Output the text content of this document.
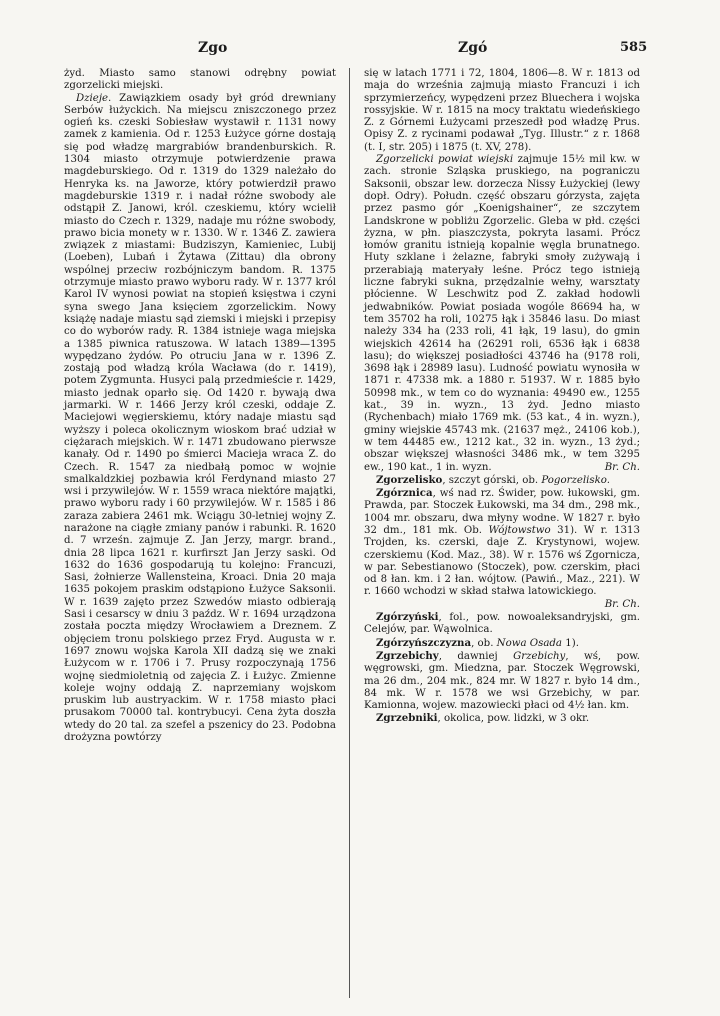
Zgo	Zgó	585

żyd. Miasto samo stanowi odrębny powiat zgorzelicki miejski.

Dzieje. Zawiązkiem osady był gród drewniany Serbów łużyckich. Na miejscu zniszczonego przez ogień ks. czeski Sobiesław wystawił r. 1131 nowy zamek z kamienia. Od r. 1253 Łużyce górne dostają się pod władzę margrabiów brandenburskich. R. 1304 miasto otrzymuje potwierdzenie prawa magdeburskiego. Od r. 1319 do 1329 należało do Henryka ks. na Jaworze, który potwierdził prawo magdeburskie 1319 r. i nadał różne swobody ale odstąpił Z. Janowi, król. czeskiemu, który wcielił miasto do Czech r. 1329, nadaje mu różne swobody, prawo bicia monety w r. 1330. W r. 1346 Z. zawiera związek z miastami: Budziszyn, Kamieniec, Lubij (Loeben), Lubań i Żytawa (Zittau) dla obrony wspólnej przeciw rozbójniczym bandom. R. 1375 otrzymuje miasto prawo wyboru rady. W r. 1377 król Karol IV wynosi powiat na stopień księstwa i czyni syna swego Jana księciem zgorzelickim. Nowy książę nadaje miastu sąd ziemski i miejski i przepisy co do wyborów rady. R. 1384 istnieje waga miejska a 1385 piwnica ratuszowa. W latach 1389—1395 wypędzano żydów. Po otruciu Jana w r. 1396 Z. zostają pod władzą króla Wacława (do r. 1419), potem Zygmunta. Husyci palą przedmieście r. 1429, miasto jednak oparło się. Od 1420 r. bywają dwa jarmarki. W r. 1466 Jerzy król czeski, oddaje Z. Maciejowi węgierskiemu, który nadaje miastu sąd wyższy i poleca okolicznym wioskom brać udział w ciężarach miejskich. W r. 1471 zbudowano pierwsze kanały. Od r. 1490 po śmierci Macieja wraca Z. do Czech. R. 1547 za niedbałą pomoc w wojnie smalkaldzkiej pozbawia król Ferdynand miasto 27 wsi i przywilejów. W r. 1559 wraca niektóre majątki, prawo wyboru rady i 60 przywilejów. W r. 1585 i 86 zaraza zabiera 2461 mk. Wciągu 30-letniej wojny Z. narażone na ciągłe zmiany panów i rabunki. R. 1620 d. 7 wrześn. zajmuje Z. Jan Jerzy, margr. brand., dnia 28 lipca 1621 r. kurfirszt Jan Jerzy saski. Od 1632 do 1636 gospodarują tu kolejno: Francuzi, Sasi, żołnierze Wallensteina, Kroaci. Dnia 20 maja 1635 pokojem praskim odstąpiono Łużyce Saksonii. W r. 1639 zajęto przez Szwedów miasto odbierają Sasi i cesarscy w dniu 3 paźdz. W r. 1694 urządzona została poczta między Wrocławiem a Dreznem. Z objęciem tronu polskiego przez Fryd. Augusta w r. 1697 znowu wojska Karola XII dadzą się we znaki Łużycom w r. 1706 i 7. Prusy rozpoczynają 1756 wojnę siedmioletnią od zajęcia Z. i Łużyc. Zmienne koleje wojny oddają Z. naprzemiany wojskom pruskim lub austryackim. W r. 1758 miasto płaci prusakom 70000 tal. kontrybucyi. Cena żyta doszła wtedy do 20 tal. za szefel a pszenicy do 23. Podobna drożyzna powtórzy

się w latach 1771 i 72, 1804, 1806—8. W r. 1813 od maja do września zajmują miasto Francuzi i ich sprzymierzeńcy, wypędzeni przez Bluechera i wojska rossyjskie. W r. 1815 na mocy traktatu wiedeńskiego Z. z Górnemi Łużycami przeszedł pod władzę Prus. Opisy Z. z rycinami podawał „Tyg. Illustr.“ z r. 1868 (t. I, str. 205) i 1875 (t. XV, 278).

Zgorzelicki powiat wiejski zajmuje 15½ mil kw. w zach. stronie Szląska pruskiego, na pograniczu Saksonii, obszar lew. dorzecza Nissy Łużyckiej (lewy dopł. Odry). Połudn. część obszaru górzysta, zajęta przez pasmo gór „Koenigshainer“, ze szczytem Landskrone w pobliżu Zgorzelic. Gleba w płd. części żyzna, w płn. piaszczysta, pokryta lasami. Prócz łomów granitu istnieją kopalnie węgla brunatnego. Huty szklane i żelazne, fabryki smoły zużywają i przerabiają materyały leśne. Prócz tego istnieją liczne fabryki sukna, przędzalnie wełny, warsztaty płócienne. W Leschwitz pod Z. zakład hodowli jedwabników. Powiat posiada wogóle 86694 ha, w tem 35702 ha roli, 10275 łąk i 35846 lasu. Do miast należy 334 ha (233 roli, 41 łąk, 19 lasu), do gmin wiejskich 42614 ha (26291 roli, 6536 łąk i 6838 lasu); do większej posiadłości 43746 ha (9178 roli, 3698 łąk i 28989 lasu). Ludność powiatu wynosiła w 1871 r. 47338 mk. a 1880 r. 51937. W r. 1885 było 50998 mk., w tem co do wyznania: 49490 ew., 1255 kat., 39 in. wyzn., 13 żyd. Jedno miasto (Rychenbach) miało 1769 mk. (53 kat., 4 in. wyzn.), gminy wiejskie 45743 mk. (21637 męż., 24106 kob.), w tem 44485 ew., 1212 kat., 32 in. wyzn., 13 żyd.; obszar większej własności 3486 mk., w tem 3295 ew., 190 kat., 1 in. wyzn.	Br. Ch.

Zgorzelisko, szczyt górski, ob. Pogorzelisko.

Zgórznica, wś nad rz. Świder, pow. łukowski, gm. Prawda, par. Stoczek Łukowski, ma 34 dm., 298 mk., 1004 mr. obszaru, dwa młyny wodne. W 1827 r. było 32 dm., 181 mk. Ob. Wójtowstwo 31). W r. 1313 Trojden, ks. czerski, daje Z. Krystynowi, wojew. czerskiemu (Kod. Maz., 38). W r. 1576 wś Zgornicza, w par. Sebestianowo (Stoczek), pow. czerskim, płaci od 8 łan. km. i 2 łan. wójtow. (Pawiń., Maz., 221). W r. 1660 wchodzi w skład stałwa latowickiego.
Br. Ch.

Zgórzyński, fol., pow. nowoaleksandryjski, gm. Celejów, par. Wąwolnica.

Zgórzyńszczyzna, ob. Nowa Osada 1).

Zgrzebichy, dawniej Grzebichy, wś, pow. węgrowski, gm. Miedzna, par. Stoczek Węgrowski, ma 26 dm., 204 mk., 824 mr. W 1827 r. było 14 dm., 84 mk. W r. 1578 we wsi Grzebichy, w par. Kamionna, wojew. mazowiecki płaci od 4½ łan. km.

Zgrzebniki, okolica, pow. lidzki, w 3 okr.
